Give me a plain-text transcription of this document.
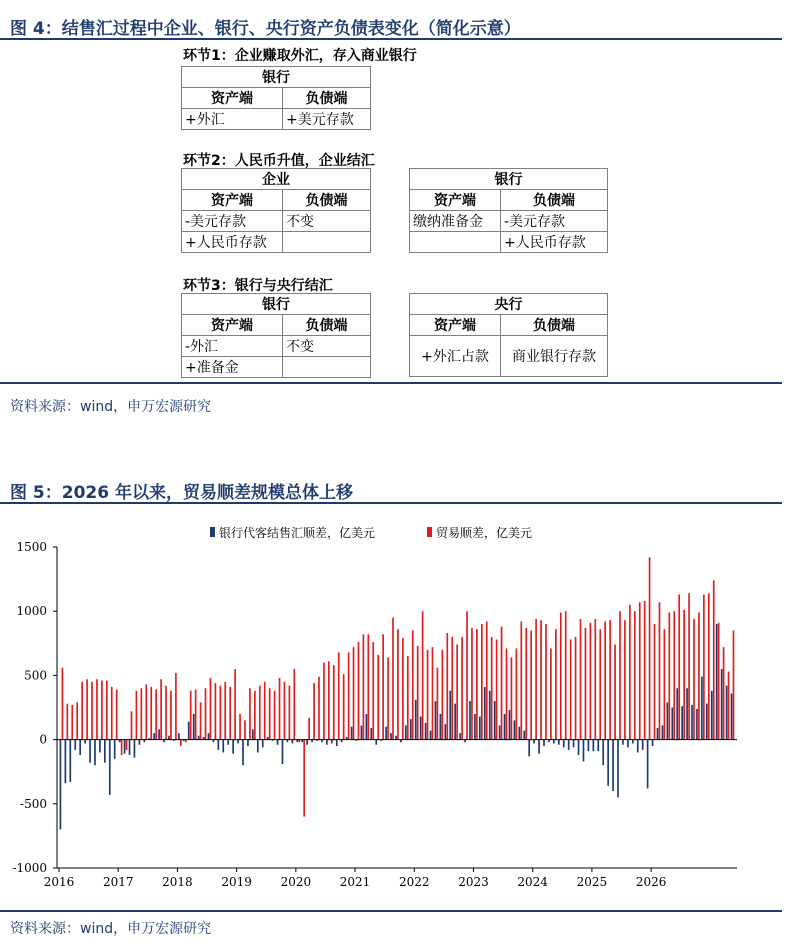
图 4：结售汇过程中企业、银行、央行资产负债表变化（简化示意）
环节1：企业赚取外汇，存入商业银行
银行	
资产端	负债端
+外汇	+美元存款
环节2：人民币升值，企业结汇
企业	
资产端	负债端
-美元存款	不变
+人民币存款	
银行	
资产端	负债端
缴纳准备金	-美元存款
	+人民币存款
环节3：银行与央行结汇
银行	
资产端	负债端
-外汇	不变
+准备金	
央行	
资产端	负债端
+外汇占款	商业银行存款
资料来源：wind，申万宏源研究
图 5：2026 年以来，贸易顺差规模总体上移
-1000
-500
0
500
1000
1500
2016 2017 2018 2019 2020 2021 2022 2023 2024 2025 2026
银行代客结售汇顺差，亿美元	贸易顺差，亿美元
资料来源：wind，申万宏源研究
